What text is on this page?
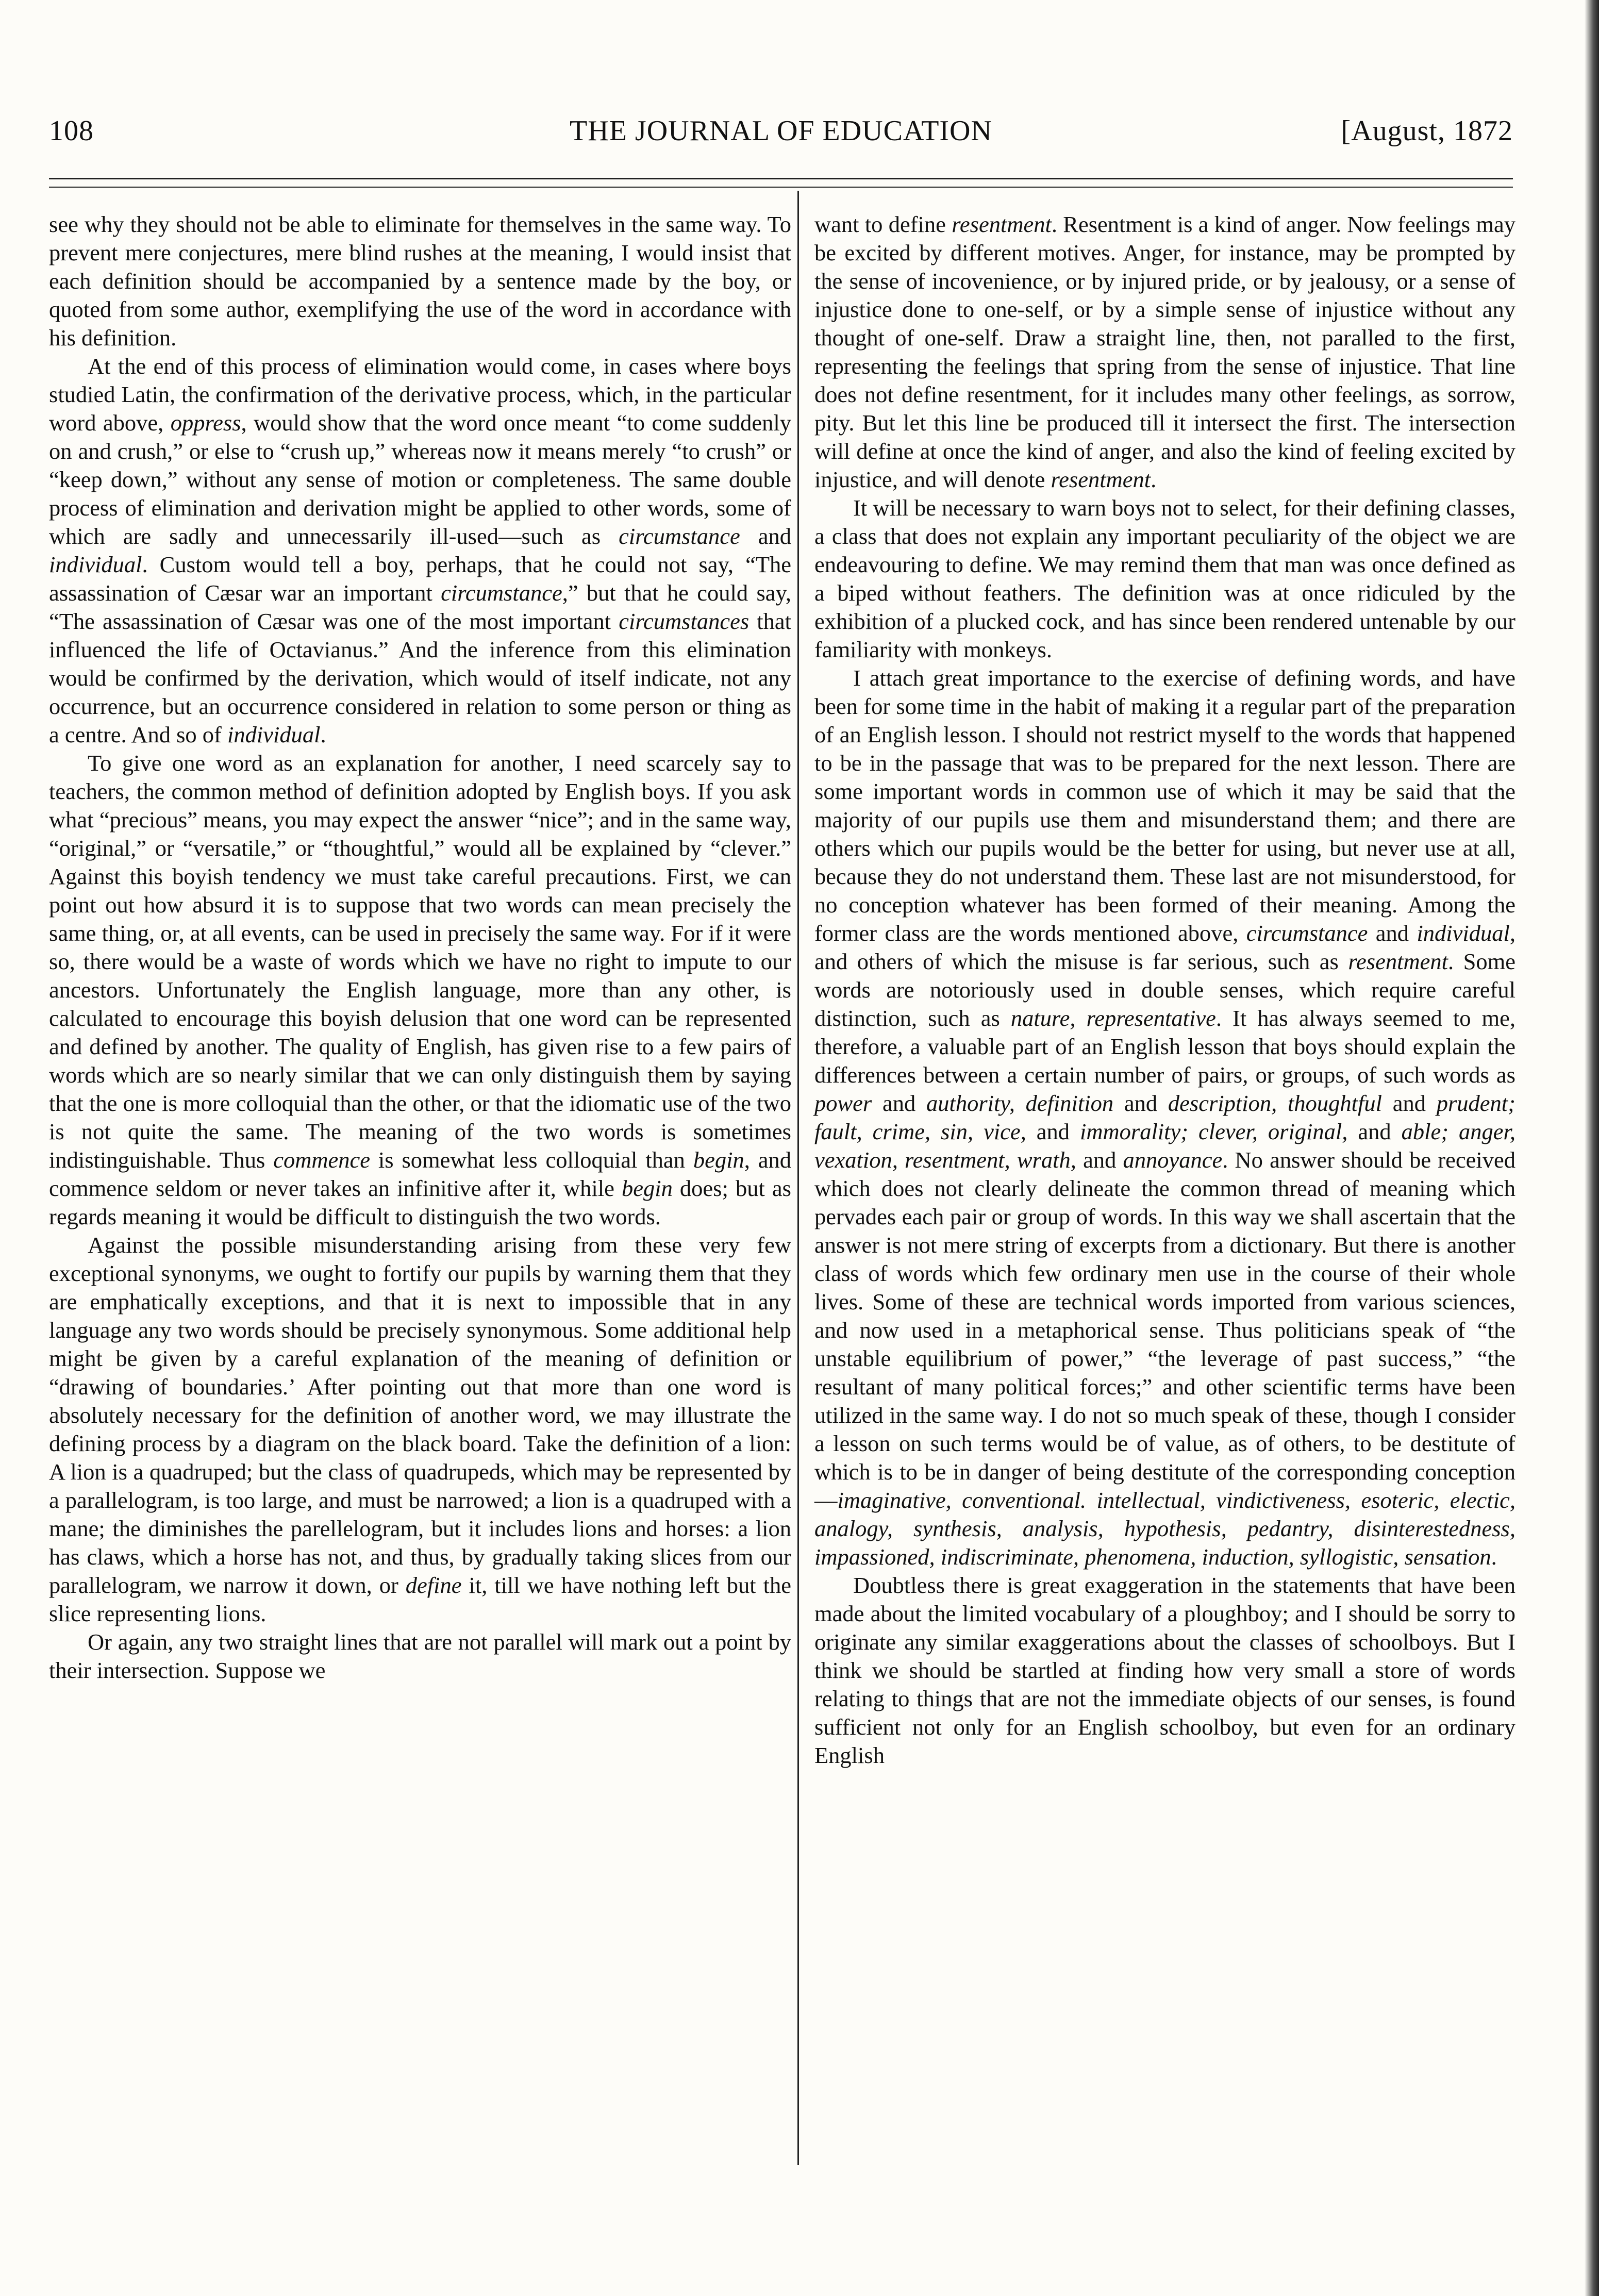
108	THE JOURNAL OF EDUCATION	[August, 1872

see why they should not be able to eliminate for themselves in the same way. To prevent mere conjectures, mere blind rushes at the meaning, I would insist that each definition should be accompanied by a sentence made by the boy, or quoted from some author, exemplifying the use of the word in accordance with his definition.

At the end of this process of elimination would come, in cases where boys studied Latin, the confirmation of the derivative process, which, in the particular word above, oppress, would show that the word once meant “to come suddenly on and crush,” or else to “crush up,” whereas now it means merely “to crush” or “keep down,” without any sense of motion or completeness. The same double process of elimination and derivation might be applied to other words, some of which are sadly and unnecessarily ill-used—such as circumstance and individual. Custom would tell a boy, perhaps, that he could not say, “The assassination of Cæsar war an important circumstance,” but that he could say, “The assassination of Cæsar was one of the most important circumstances that influenced the life of Octavianus.” And the inference from this elimination would be confirmed by the derivation, which would of itself indicate, not any occurrence, but an occurrence considered in relation to some person or thing as a centre. And so of individual.

To give one word as an explanation for another, I need scarcely say to teachers, the common method of definition adopted by English boys. If you ask what “precious” means, you may expect the answer “nice”; and in the same way, “original,” or “versatile,” or “thoughtful,” would all be explained by “clever.” Against this boyish tendency we must take careful precautions. First, we can point out how absurd it is to suppose that two words can mean precisely the same thing, or, at all events, can be used in precisely the same way. For if it were so, there would be a waste of words which we have no right to impute to our ancestors. Unfortunately the English language, more than any other, is calculated to encourage this boyish delusion that one word can be represented and defined by another. The quality of English, has given rise to a few pairs of words which are so nearly similar that we can only distinguish them by saying that the one is more colloquial than the other, or that the idiomatic use of the two is not quite the same. The meaning of the two words is sometimes indistinguishable. Thus commence is somewhat less colloquial than begin, and commence seldom or never takes an infinitive after it, while begin does; but as regards meaning it would be difficult to distinguish the two words.

Against the possible misunderstanding arising from these very few exceptional synonyms, we ought to fortify our pupils by warning them that they are emphatically exceptions, and that it is next to impossible that in any language any two words should be precisely synonymous. Some additional help might be given by a careful explanation of the meaning of definition or “drawing of boundaries.’ After pointing out that more than one word is absolutely necessary for the definition of another word, we may illustrate the defining process by a diagram on the black board. Take the definition of a lion: A lion is a quadruped; but the class of quadrupeds, which may be represented by a parallelogram, is too large, and must be narrowed; a lion is a quadruped with a mane; the diminishes the parellelogram, but it includes lions and horses: a lion has claws, which a horse has not, and thus, by gradually taking slices from our parallelogram, we narrow it down, or define it, till we have nothing left but the slice representing lions.

Or again, any two straight lines that are not parallel will mark out a point by their intersection. Suppose we

want to define resentment. Resentment is a kind of anger. Now feelings may be excited by different motives. Anger, for instance, may be prompted by the sense of incovenience, or by injured pride, or by jealousy, or a sense of injustice done to one-self, or by a simple sense of injustice without any thought of one-self. Draw a straight line, then, not paralled to the first, representing the feelings that spring from the sense of injustice. That line does not define resentment, for it includes many other feelings, as sorrow, pity. But let this line be produced till it intersect the first. The intersection will define at once the kind of anger, and also the kind of feeling excited by injustice, and will denote resentment.

It will be necessary to warn boys not to select, for their defining classes, a class that does not explain any important peculiarity of the object we are endeavouring to define. We may remind them that man was once defined as a biped without feathers. The definition was at once ridiculed by the exhibition of a plucked cock, and has since been rendered untenable by our familiarity with monkeys.

I attach great importance to the exercise of defining words, and have been for some time in the habit of making it a regular part of the preparation of an English lesson. I should not restrict myself to the words that happened to be in the passage that was to be prepared for the next lesson. There are some important words in common use of which it may be said that the majority of our pupils use them and misunderstand them; and there are others which our pupils would be the better for using, but never use at all, because they do not understand them. These last are not misunderstood, for no conception whatever has been formed of their meaning. Among the former class are the words mentioned above, circumstance and individual, and others of which the misuse is far serious, such as resentment. Some words are notoriously used in double senses, which require careful distinction, such as nature, representative. It has always seemed to me, therefore, a valuable part of an English lesson that boys should explain the differences between a certain number of pairs, or groups, of such words as power and authority, definition and description, thoughtful and prudent; fault, crime, sin, vice, and immorality; clever, original, and able; anger, vexation, resentment, wrath, and annoyance. No answer should be received which does not clearly delineate the common thread of meaning which pervades each pair or group of words. In this way we shall ascertain that the answer is not mere string of excerpts from a dictionary. But there is another class of words which few ordinary men use in the course of their whole lives. Some of these are technical words imported from various sciences, and now used in a metaphorical sense. Thus politicians speak of “the unstable equilibrium of power,” “the leverage of past success,” “the resultant of many political forces;” and other scientific terms have been utilized in the same way. I do not so much speak of these, though I consider a lesson on such terms would be of value, as of others, to be destitute of which is to be in danger of being destitute of the corresponding conception—imaginative, conventional. intellectual, vindictiveness, esoteric, electic, analogy, synthesis, analysis, hypothesis, pedantry, disinterestedness, impassioned, indiscriminate, phenomena, induction, syllogistic, sensation.

Doubtless there is great exaggeration in the statements that have been made about the limited vocabulary of a ploughboy; and I should be sorry to originate any similar exaggerations about the classes of schoolboys. But I think we should be startled at finding how very small a store of words relating to things that are not the immediate objects of our senses, is found sufficient not only for an English schoolboy, but even for an ordinary English
